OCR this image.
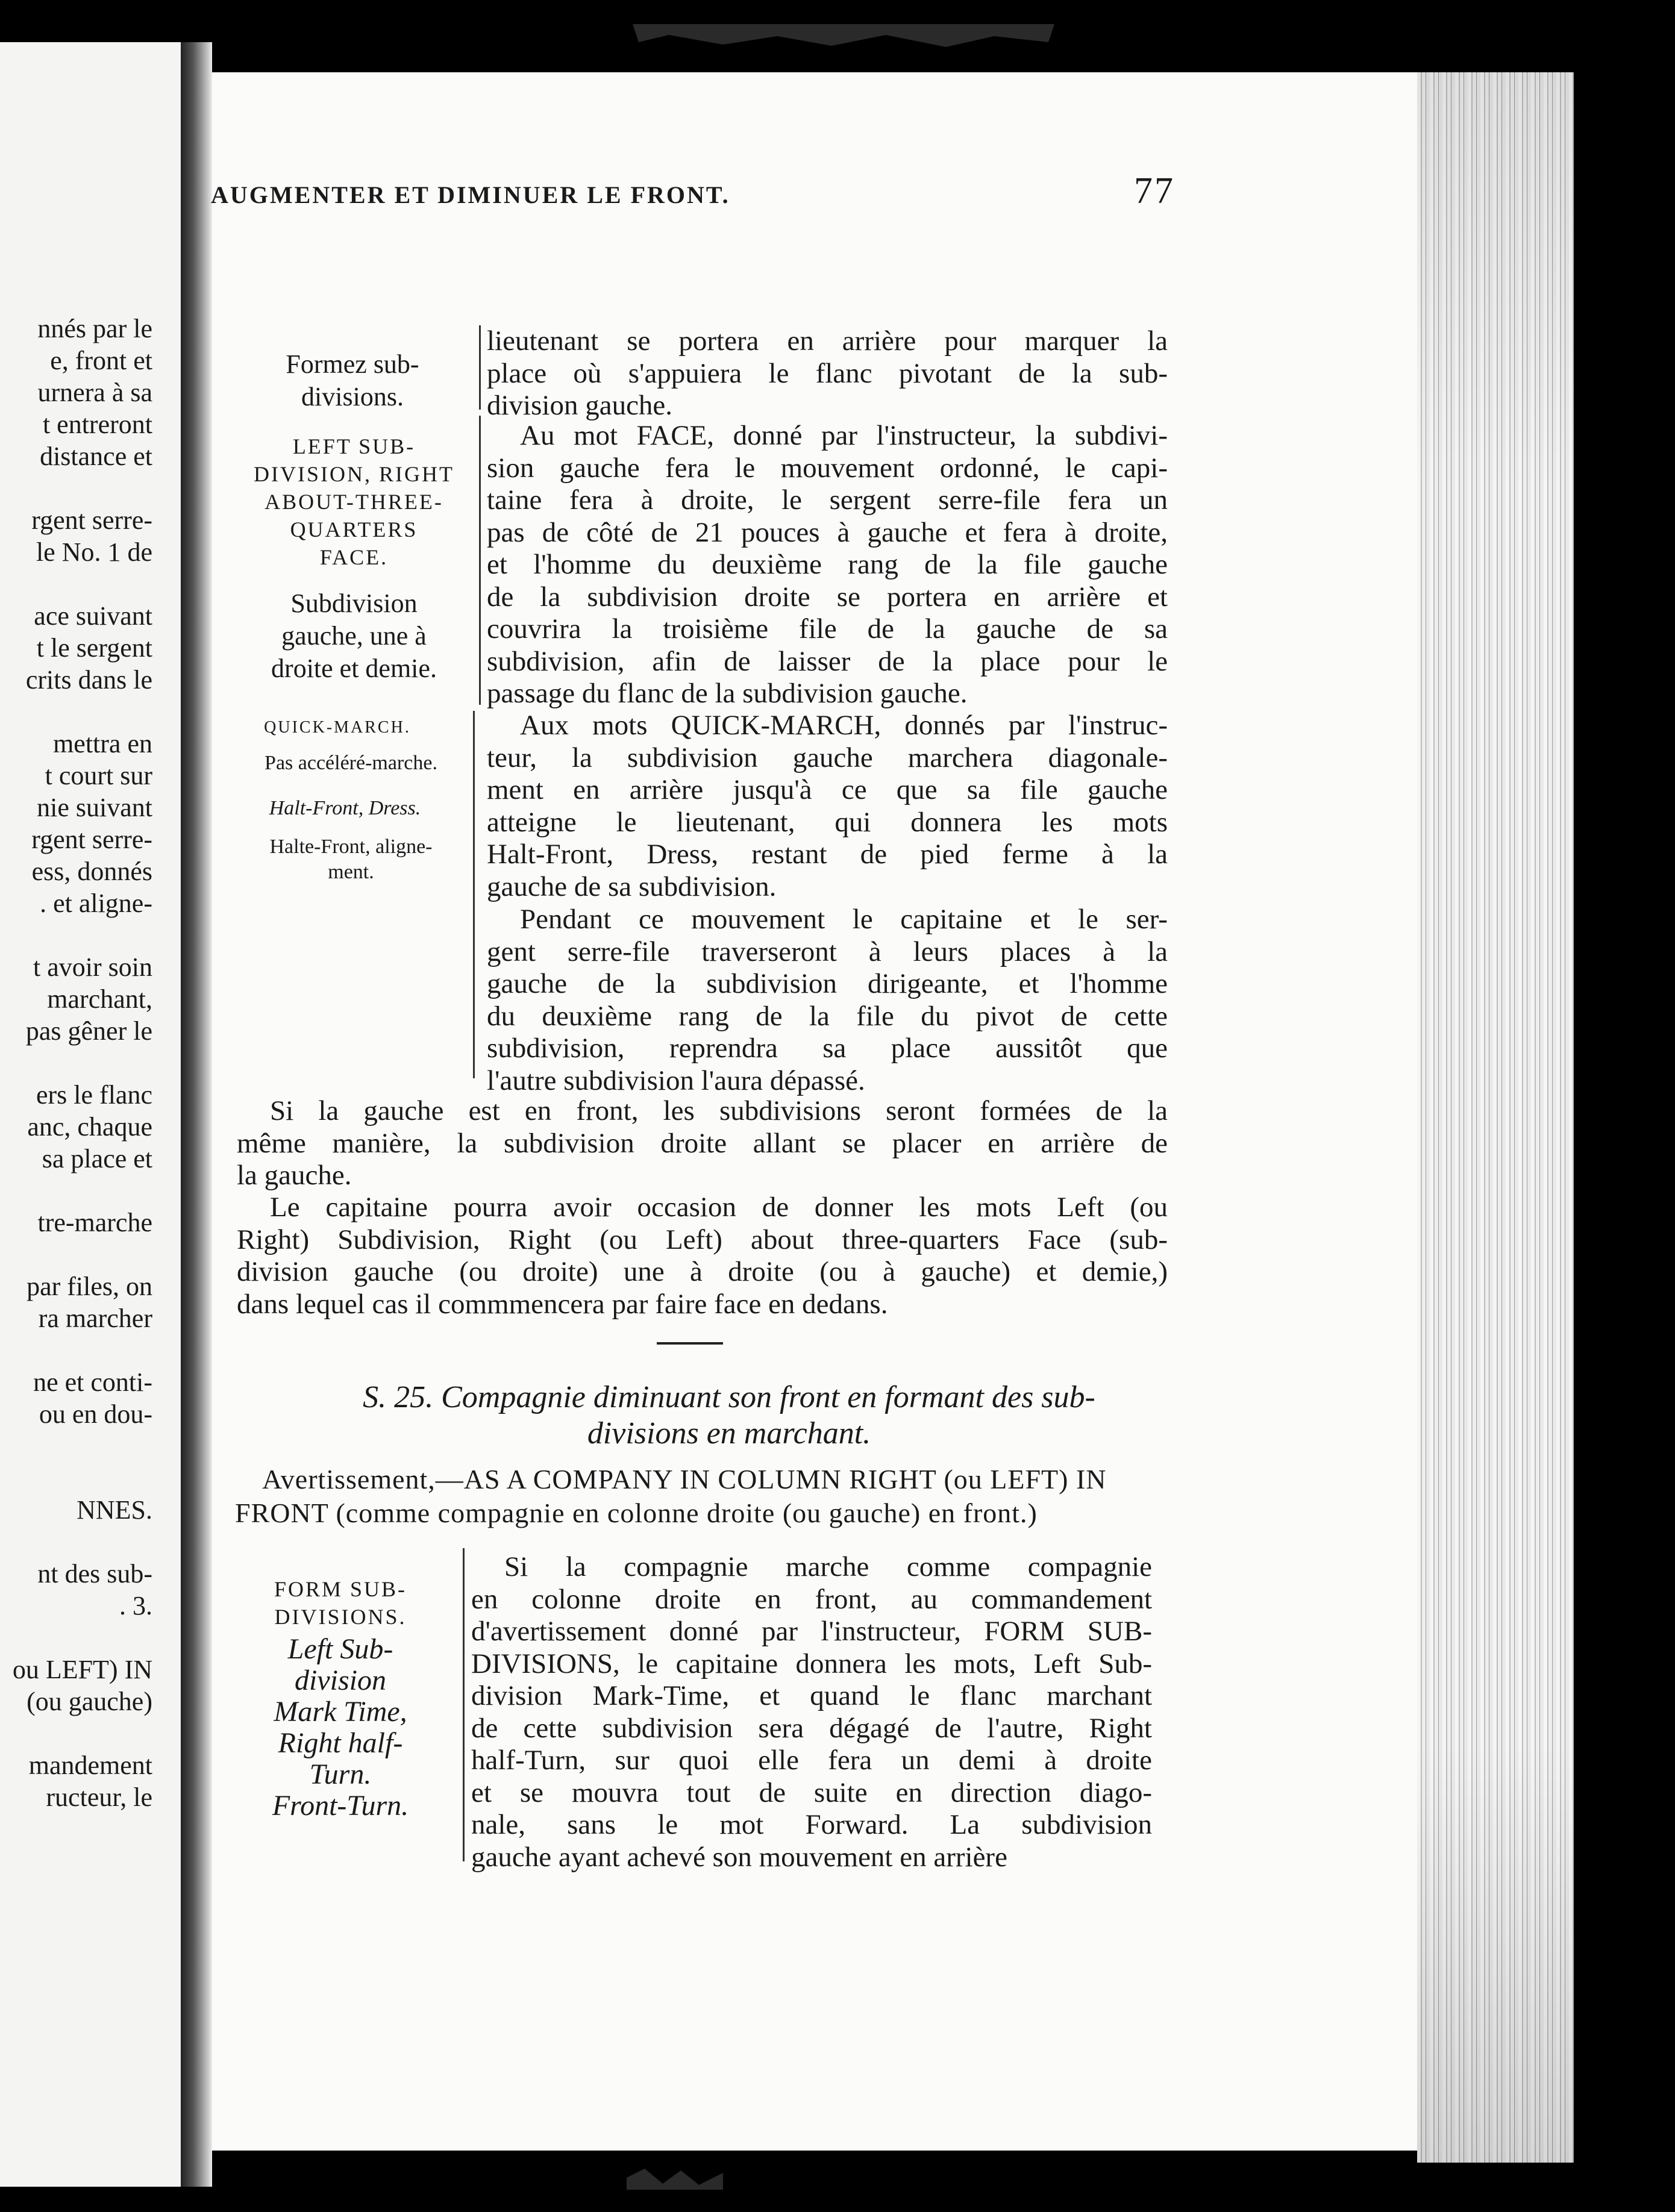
nnés par le
e, front et
urnera à sa
t entreront
distance et
rgent serre-
le No. 1 de
ace suivant
t le sergent
crits dans le
mettra en
t court sur
nie suivant
rgent serre-
ess, donnés
. et aligne-
t avoir soin
marchant,
pas gêner le
ers le flanc
anc, chaque
sa place et
tre-marche
par files, on
ra marcher
ne et conti-
ou en dou-
NNES.
nt des sub-
. 3.
ou LEFT) IN
(ou gauche)
mandement
ructeur, le
AUGMENTER ET DIMINUER LE FRONT.	77
Formez sub-
divisions.
LEFT SUB-
DIVISION, RIGHT
ABOUT-THREE-
QUARTERS
FACE.
Subdivision
gauche, une à
droite et demie.
QUICK-MARCH.
Pas accéléré-marche.
Halt-Front, Dress.
Halte-Front, aligne-
ment.
FORM SUB-
DIVISIONS.
Left Sub-
division
Mark Time,
Right half-
Turn.
Front-Turn.
lieutenant se portera en arrière pour marquer la
place où s'appuiera le flanc pivotant de la sub-
division gauche.
Au mot FACE, donné par l'instructeur, la subdivi-
sion gauche fera le mouvement ordonné, le capi-
taine fera à droite, le sergent serre-file fera un
pas de côté de 21 pouces à gauche et fera à droite,
et l'homme du deuxième rang de la file gauche
de la subdivision droite se portera en arrière et
couvrira la troisième file de la gauche de sa
subdivision, afin de laisser de la place pour le
passage du flanc de la subdivision gauche.
Aux mots QUICK-MARCH, donnés par l'instruc-
teur, la subdivision gauche marchera diagonale-
ment en arrière jusqu'à ce que sa file gauche
atteigne le lieutenant, qui donnera les mots
Halt-Front, Dress, restant de pied ferme à la
gauche de sa subdivision.
Pendant ce mouvement le capitaine et le ser-
gent serre-file traverseront à leurs places à la
gauche de la subdivision dirigeante, et l'homme
du deuxième rang de la file du pivot de cette
subdivision, reprendra sa place aussitôt que
l'autre subdivision l'aura dépassé.
Si la gauche est en front, les subdivisions seront formées de la
même manière, la subdivision droite allant se placer en arrière de
la gauche.
Le capitaine pourra avoir occasion de donner les mots Left (ou
Right) Subdivision, Right (ou Left) about three-quarters Face (sub-
division gauche (ou droite) une à droite (ou à gauche) et demie,)
dans lequel cas il commmencera par faire face en dedans.
S. 25. Compagnie diminuant son front en formant des sub-
divisions en marchant.
Avertissement,—AS A COMPANY IN COLUMN RIGHT (ou LEFT) IN
FRONT (comme compagnie en colonne droite (ou gauche) en front.)
Si la compagnie marche comme compagnie
en colonne droite en front, au commandement
d'avertissement donné par l'instructeur, FORM SUB-
DIVISIONS, le capitaine donnera les mots, Left Sub-
division Mark-Time, et quand le flanc marchant
de cette subdivision sera dégagé de l'autre, Right
half-Turn, sur quoi elle fera un demi à droite
et se mouvra tout de suite en direction diago-
nale, sans le mot Forward. La subdivision
gauche ayant achevé son mouvement en arrière
